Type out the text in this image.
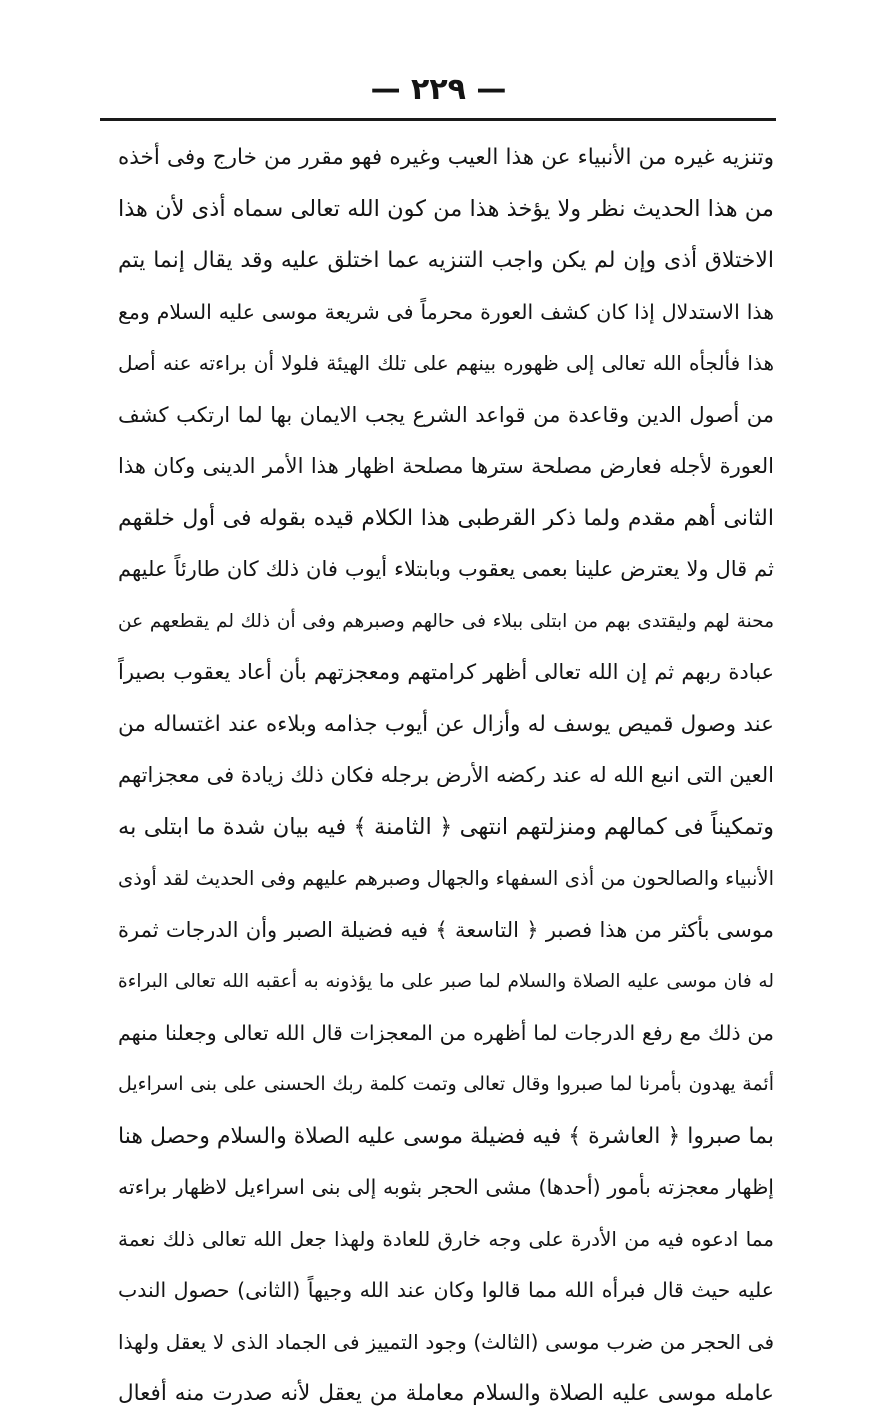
— ٢٢٩ —
وتنزيه غيره من الأنبياء عن هذا العيب وغيره فهو مقرر من خارج وفى أخذه
من هذا الحديث نظر ولا يؤخذ هذا من كون الله تعالى سماه أذى لأن هذا
الاختلاق أذى وإن لم يكن واجب التنزيه عما اختلق عليه وقد يقال إنما يتم
هذا الاستدلال إذا كان كشف العورة محرماً فى شريعة موسى عليه السلام ومع
هذا فألجأه الله تعالى إلى ظهوره بينهم على تلك الهيئة فلولا أن براءته عنه أصل
من أصول الدين وقاعدة من قواعد الشرع يجب الايمان بها لما ارتكب كشف
العورة لأجله فعارض مصلحة سترها مصلحة اظهار هذا الأمر الدينى وكان هذا
الثانى أهم مقدم ولما ذكر القرطبى هذا الكلام قيده بقوله فى أول خلقهم
ثم قال ولا يعترض علينا بعمى يعقوب وبابتلاء أيوب فان ذلك كان طارئاً عليهم
محنة لهم وليقتدى بهم من ابتلى ببلاء فى حالهم وصبرهم وفى أن ذلك لم يقطعهم عن
عبادة ربهم ثم إن الله تعالى أظهر كرامتهم ومعجزتهم بأن أعاد يعقوب بصيراً
عند وصول قميص يوسف له وأزال عن أيوب جذامه وبلاءه عند اغتساله من
العين التى انبع الله له عند ركضه الأرض برجله فكان ذلك زيادة فى معجزاتهم
وتمكيناً فى كمالهم ومنزلتهم انتهى ﴿ الثامنة ﴾ فيه بيان شدة ما ابتلى به
الأنبياء والصالحون من أذى السفهاء والجهال وصبرهم عليهم وفى الحديث لقد أوذى
موسى بأكثر من هذا فصبر ﴿ التاسعة ﴾ فيه فضيلة الصبر وأن الدرجات ثمرة
له فان موسى عليه الصلاة والسلام لما صبر على ما يؤذونه به أعقبه الله تعالى البراءة
من ذلك مع رفع الدرجات لما أظهره من المعجزات قال الله تعالى وجعلنا منهم
أئمة يهدون بأمرنا لما صبروا وقال تعالى وتمت كلمة ربك الحسنى على بنى اسراءيل
بما صبروا ﴿ العاشرة ﴾ فيه فضيلة موسى عليه الصلاة والسلام وحصل هنا
إظهار معجزته بأمور (أحدها) مشى الحجر بثوبه إلى بنى اسراءيل لاظهار براءته
مما ادعوه فيه من الأدرة على وجه خارق للعادة ولهذا جعل الله تعالى ذلك نعمة
عليه حيث قال فبرأه الله مما قالوا وكان عند الله وجيهاً (الثانى) حصول الندب
فى الحجر من ضرب موسى (الثالث) وجود التمييز فى الجماد الذى لا يعقل ولهذا
عامله موسى عليه الصلاة والسلام معاملة من يعقل لأنه صدرت منه أفعال
